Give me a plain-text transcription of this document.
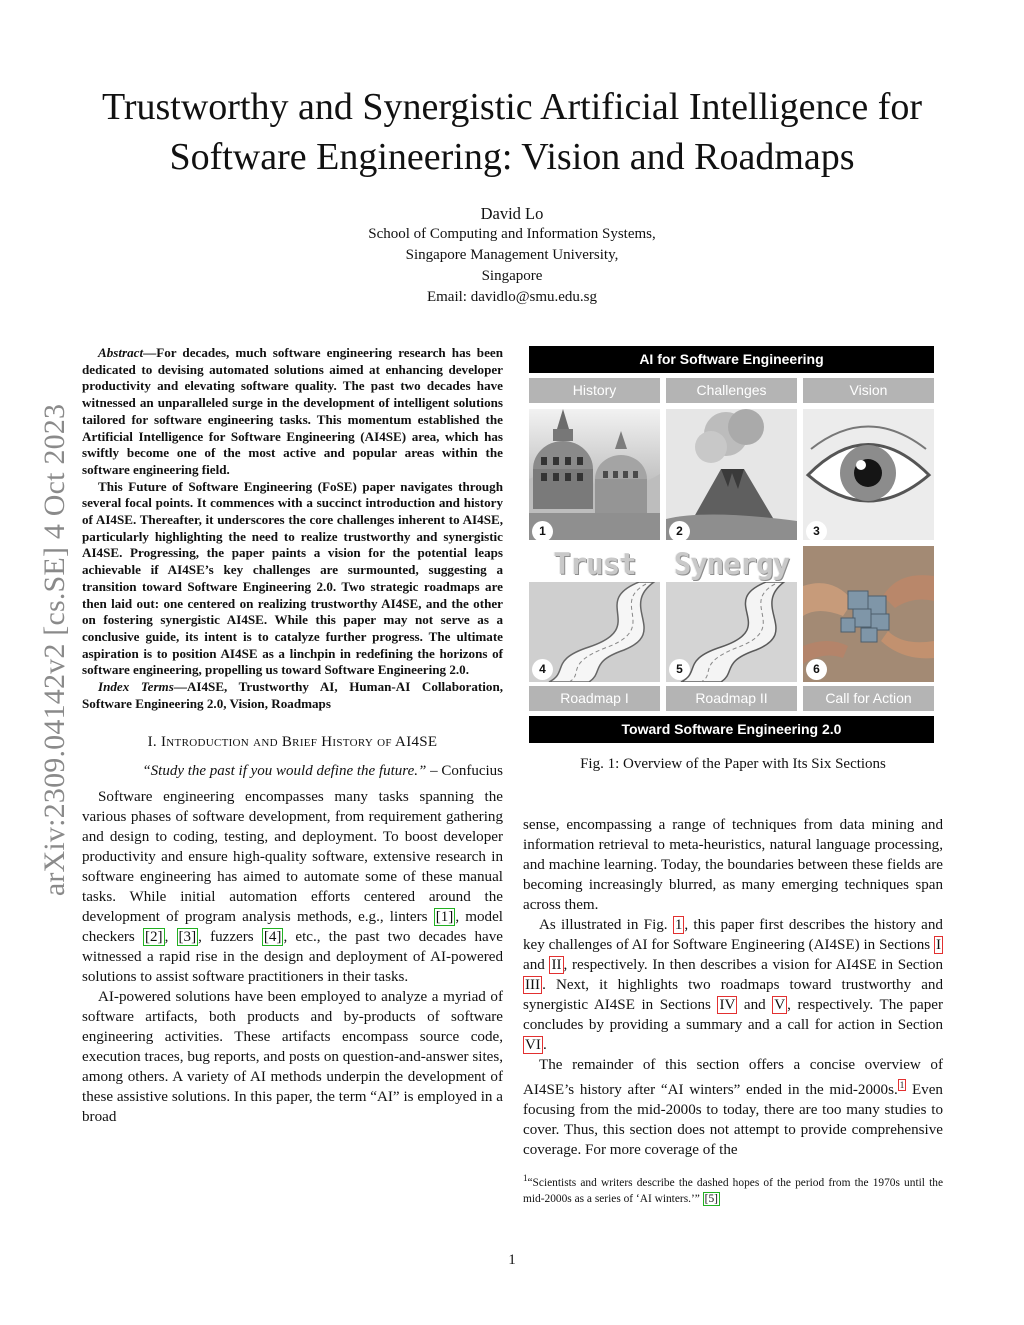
Trustworthy and Synergistic Artificial Intelligence for Software Engineering: Vision and Roadmaps
David Lo
School of Computing and Information Systems,
Singapore Management University,
Singapore
Email: davidlo@smu.edu.sg
arXiv:2309.04142v2 [cs.SE] 4 Oct 2023

Abstract—For decades, much software engineering research has been dedicated to devising automated solutions aimed at enhancing developer productivity and elevating software quality. The past two decades have witnessed an unparalleled surge in the development of intelligent solutions tailored for software engineering tasks. This momentum established the Artificial Intelligence for Software Engineering (AI4SE) area, which has swiftly become one of the most active and popular areas within the software engineering field.

This Future of Software Engineering (FoSE) paper navigates through several focal points. It commences with a succinct introduction and history of AI4SE. Thereafter, it underscores the core challenges inherent to AI4SE, particularly highlighting the need to realize trustworthy and synergistic AI4SE. Progressing, the paper paints a vision for the potential leaps achievable if AI4SE’s key challenges are surmounted, suggesting a transition toward Software Engineering 2.0. Two strategic roadmaps are then laid out: one centered on realizing trustworthy AI4SE, and the other on fostering synergistic AI4SE. While this paper may not serve as a conclusive guide, its intent is to catalyze further progress. The ultimate aspiration is to position AI4SE as a linchpin in redefining the horizons of software engineering, propelling us toward Software Engineering 2.0.

Index Terms—AI4SE, Trustworthy AI, Human-AI Collaboration, Software Engineering 2.0, Vision, Roadmaps

I. Introduction and Brief History of AI4SE
“Study the past if you would define the future.” – Confucius

Software engineering encompasses many tasks spanning the various phases of software development, from requirement gathering and design to coding, testing, and deployment. To boost developer productivity and ensure high-quality software, extensive research in software engineering has aimed to automate some of these manual tasks. While initial automation efforts centered around the development of program analysis methods, e.g., linters [1] , model checkers [2] , [3] , fuzzers [4] , etc., the past two decades have witnessed a rapid rise in the design and deployment of AI-powered solutions to assist software practitioners in their tasks.

AI-powered solutions have been employed to analyze a myriad of software artifacts, both products and by-products of software engineering activities. These artifacts encompass source code, execution traces, bug reports, and posts on question-and-answer sites, among others. A variety of AI methods underpin the development of these assistive solutions. In this paper, the term “AI” is employed in a broad

AI for Software Engineering
History	Challenges	Vision
1	2	3
Trust	Synergy
4	5	6
Roadmap I	Roadmap II	Call for Action
Toward Software Engineering 2.0
Fig. 1: Overview of the Paper with Its Six Sections

sense, encompassing a range of techniques from data mining and information retrieval to meta-heuristics, natural language processing, and machine learning. Today, the boundaries between these fields are becoming increasingly blurred, as many emerging techniques span across them.

As illustrated in Fig. 1 , this paper first describes the history and key challenges of AI for Software Engineering (AI4SE) in Sections I and II , respectively. In then describes a vision for AI4SE in Section III . Next, it highlights two roadmaps toward trustworthy and synergistic AI4SE in Sections IV and V , respectively. The paper concludes by providing a summary and a call for action in Section VI .

The remainder of this section offers a concise overview of AI4SE’s history after “AI winters” ended in the mid-2000s. $^1$ Even focusing from the mid-2000s to today, there are too many studies to cover. Thus, this section does not attempt to provide comprehensive coverage. For more coverage of the

$^1$“Scientists and writers describe the dashed hopes of the period from the 1970s until the mid-2000s as a series of ‘AI winters.’” [5]
1
